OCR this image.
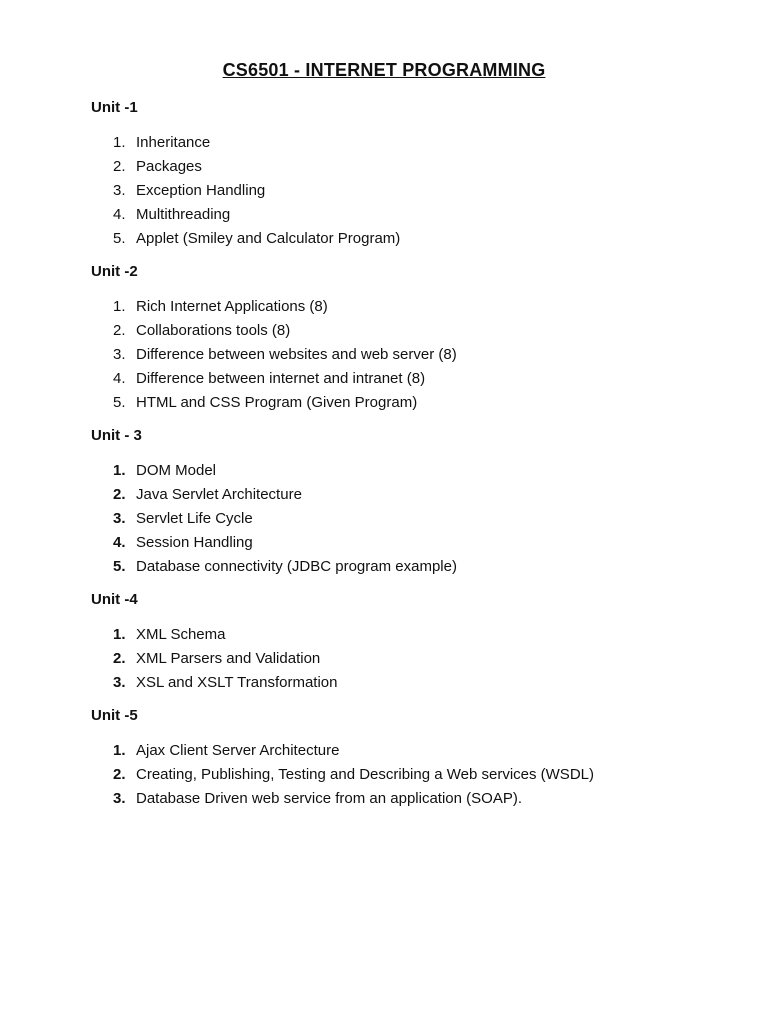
CS6501 - INTERNET PROGRAMMING
Unit -1
1. Inheritance
2. Packages
3. Exception Handling
4. Multithreading
5. Applet (Smiley and Calculator Program)
Unit -2
1. Rich Internet Applications (8)
2. Collaborations tools (8)
3. Difference between websites and web server (8)
4. Difference between internet and intranet (8)
5. HTML and CSS Program (Given Program)
Unit - 3
1. DOM Model
2. Java Servlet Architecture
3. Servlet Life Cycle
4. Session Handling
5. Database connectivity (JDBC program example)
Unit -4
1. XML Schema
2. XML Parsers and Validation
3. XSL and XSLT Transformation
Unit -5
1. Ajax Client Server Architecture
2. Creating, Publishing, Testing and Describing a Web services (WSDL)
3. Database Driven web service from an application (SOAP).
